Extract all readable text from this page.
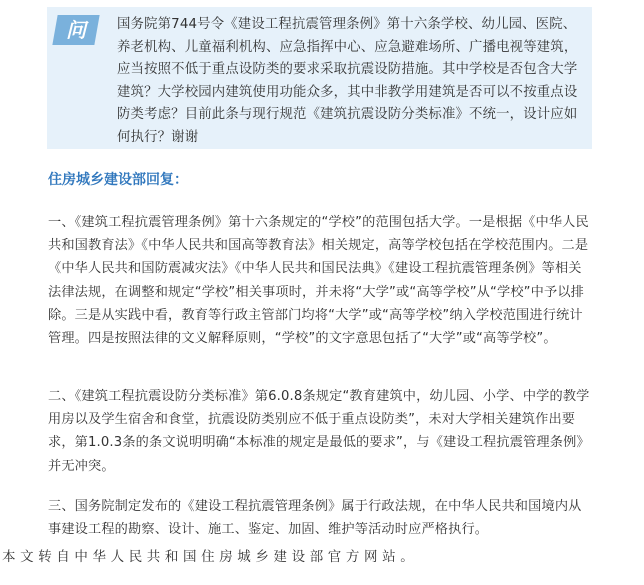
问 国务院第744号令《建设工程抗震管理条例》第十六条学校、幼儿园、医院、养老机构、儿童福利机构、应急指挥中心、应急避难场所、广播电视等建筑，应当按照不低于重点设防类的要求采取抗震设防措施。其中学校是否包含大学建筑？大学校园内建筑使用功能众多，其中非教学用建筑是否可以不按重点设防类考虑？目前此条与现行规范《建筑抗震设防分类标准》不统一，设计应如何执行？谢谢

住房城乡建设部回复：

一、《建筑工程抗震管理条例》第十六条规定的“学校”的范围包括大学。一是根据《中华人民共和国教育法》《中华人民共和国高等教育法》相关规定，高等学校包括在学校范围内。二是《中华人民共和国防震减灾法》《中华人民共和国民法典》《建设工程抗震管理条例》等相关法律法规，在调整和规定“学校”相关事项时，并未将“大学”或“高等学校”从“学校”中予以排除。三是从实践中看，教育等行政主管部门均将“大学”或“高等学校”纳入学校范围进行统计管理。四是按照法律的文义解释原则，“学校”的文字意思包括了“大学”或“高等学校”。

二、《建筑工程抗震设防分类标准》第6.0.8条规定“教育建筑中，幼儿园、小学、中学的教学用房以及学生宿舍和食堂，抗震设防类别应不低于重点设防类”，未对大学相关建筑作出要求，第1.0.3条的条文说明明确“本标准的规定是最低的要求”，与《建设工程抗震管理条例》并无冲突。

三、国务院制定发布的《建设工程抗震管理条例》属于行政法规，在中华人民共和国境内从事建设工程的勘察、设计、施工、鉴定、加固、维护等活动时应严格执行。

本文转自中华人民共和国住房城乡建设部官方网站。
